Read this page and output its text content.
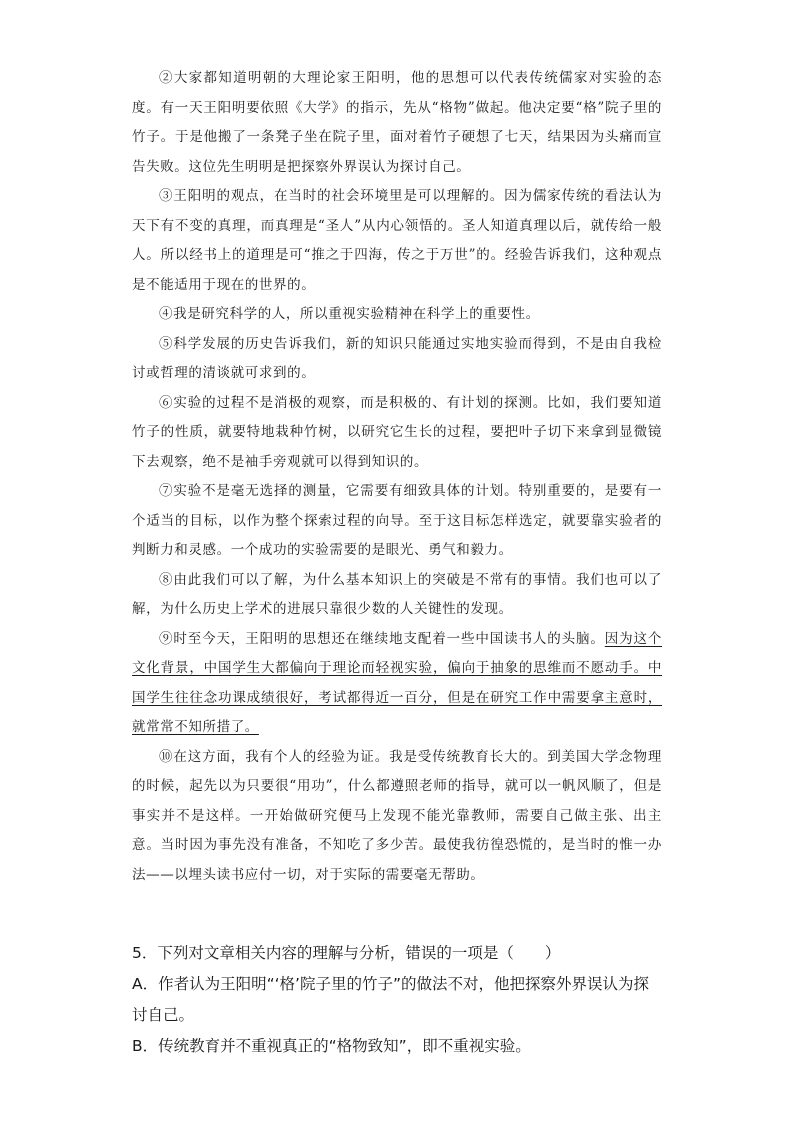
②大家都知道明朝的大理论家王阳明，他的思想可以代表传统儒家对实验的态度。有一天王阳明要依照《大学》的指示，先从“格物”做起。他决定要“格”院子里的竹子。于是他搬了一条凳子坐在院子里，面对着竹子硬想了七天，结果因为头痛而宣告失败。这位先生明明是把探察外界误认为探讨自己。

③王阳明的观点，在当时的社会环境里是可以理解的。因为儒家传统的看法认为天下有不变的真理，而真理是“圣人”从内心领悟的。圣人知道真理以后，就传给一般人。所以经书上的道理是可“推之于四海，传之于万世”的。经验告诉我们，这种观点是不能适用于现在的世界的。

④我是研究科学的人，所以重视实验精神在科学上的重要性。

⑤科学发展的历史告诉我们，新的知识只能通过实地实验而得到，不是由自我检讨或哲理的清谈就可求到的。

⑥实验的过程不是消极的观察，而是积极的、有计划的探测。比如，我们要知道竹子的性质，就要特地栽种竹树，以研究它生长的过程，要把叶子切下来拿到显微镜下去观察，绝不是袖手旁观就可以得到知识的。

⑦实验不是毫无选择的测量，它需要有细致具体的计划。特别重要的，是要有一个适当的目标，以作为整个探索过程的向导。至于这目标怎样选定，就要靠实验者的判断力和灵感。一个成功的实验需要的是眼光、勇气和毅力。

⑧由此我们可以了解，为什么基本知识上的突破是不常有的事情。我们也可以了解，为什么历史上学术的进展只靠很少数的人关键性的发现。

⑨时至今天，王阳明的思想还在继续地支配着一些中国读书人的头脑。因为这个文化背景，中国学生大都偏向于理论而轻视实验，偏向于抽象的思维而不愿动手。中国学生往往念功课成绩很好，考试都得近一百分，但是在研究工作中需要拿主意时，就常常不知所措了。

⑩在这方面，我有个人的经验为证。我是受传统教育长大的。到美国大学念物理的时候，起先以为只要很“用功”，什么都遵照老师的指导，就可以一帆风顺了，但是事实并不是这样。一开始做研究便马上发现不能光靠教师，需要自己做主张、出主意。当时因为事先没有准备，不知吃了多少苦。最使我彷徨恐慌的，是当时的惟一办法——以埋头读书应付一切，对于实际的需要毫无帮助。

5．下列对文章相关内容的理解与分析，错误的一项是（　　）

A．作者认为王阳明“‘格’院子里的竹子”的做法不对，他把探察外界误认为探讨自己。

B．传统教育并不重视真正的“格物致知”，即不重视实验。
